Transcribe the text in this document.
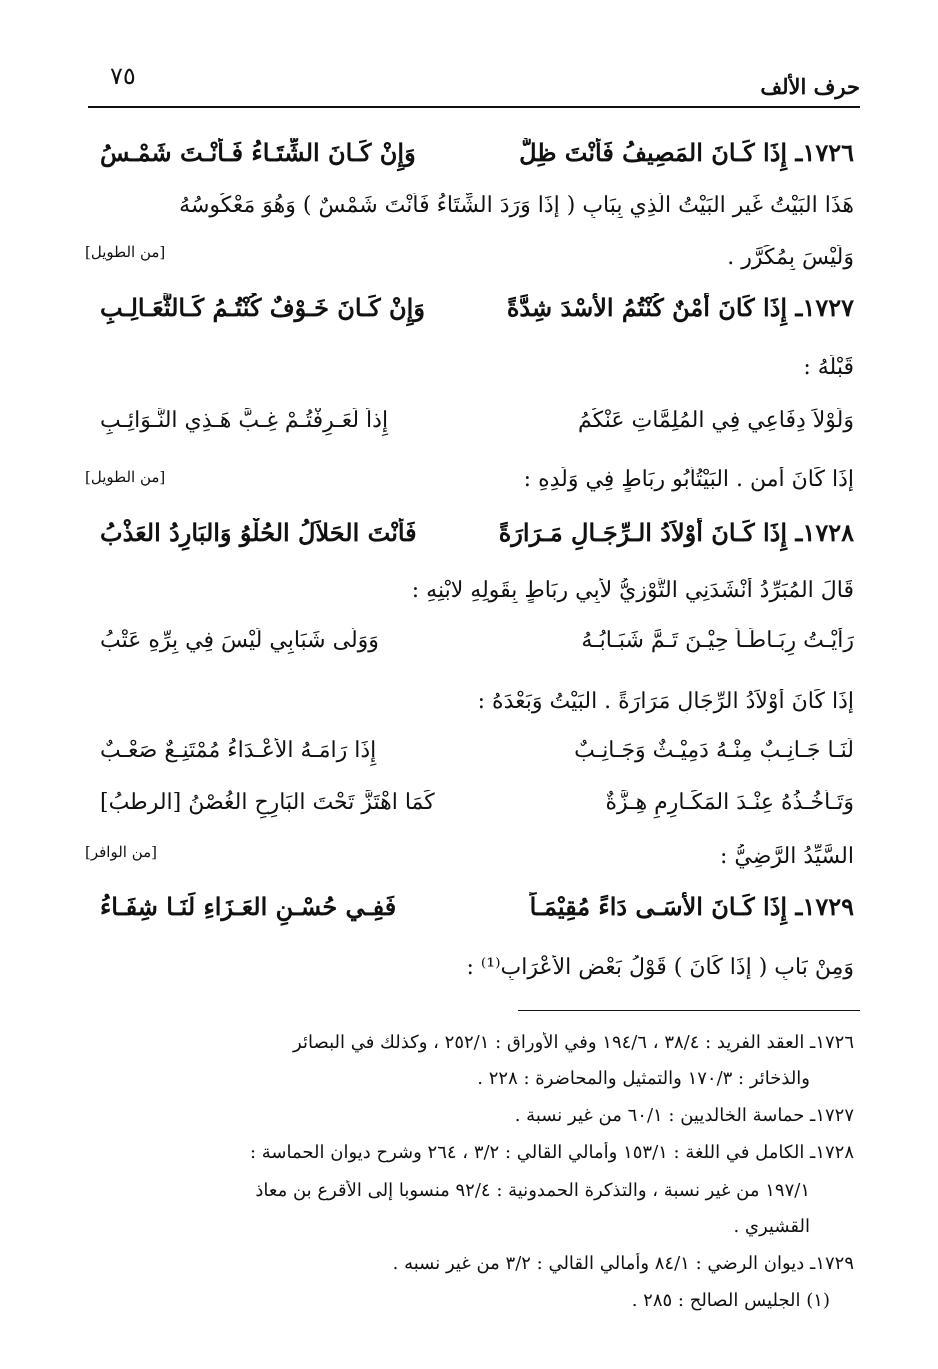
حرف الألف
٧٥
١٧٢٦ـ إِذَا كَـانَ المَصِيفُ فَأَنْتَ ظِلٌّ
وَإِنْ كَـانَ الشِّتَـاءُ فَـأَنْـتَ شَمْـسُ
هَذَا البَيْتُ غَيرِ البَيْتُ الَّذِي بِبَابِ ( إِذَا وَرَدَ الشِّتَاءُ فَأَنْتَ شَمْسٌ ) وَهُوَ مَعْكُوسُهُ
وَلَيْسَ بِمُكَرَّرٍ .
[من الطويل]
١٧٢٧ـ إِذَا كَانَ أَمْنٌ كُنْتُمُ الأُسْدَ شِدَّةً
وَإِنْ كَـانَ خَـوْفٌ كُنْتُـمُ كَـالثَّعَـالِـبِ
قَبْلَهُ :
وَلَوْلاَ دِفَاعِي فِي المُلِمَّاتِ عَنْكُمُ
إِذاً لَعَـرِفْتُـمْ غِـبَّ هَـذِي النَّـوَائِـبِ
إِذَا كَانَ أمن . البَيْتُأَبُو رِبَاطٍ فِي وَلَدِهِ :
[من الطويل]
١٧٢٨ـ إِذَا كَـانَ أَوْلاَدُ الـرِّجَـالِ مَـرَارَةً
فَأَنْتَ الحَلاَلُ الحُلْوُ وَالبَارِدُ العَذْبُ
قَالَ المُبَرِّدُ أَنْشَدَنِي التَّوْزِيُّ لأَبِي رِبَاطٍ بِقَولِهِ لابْنِهِ :
رَأَيْـتُ رِبَـاطَـاً حِيْـنَ تَـمَّ شَبَـابُـهُ
وَوَلَّى شَبَابِي لَيْسَ فِي بِرِّهِ عَتْبُ
إِذَا كَانَ أَوْلاَدُ الرِّجَالِ مَرَارَةً . البَيْتُ وَبَعْدَهُ :
لَنَـا جَـانِـبٌ مِنْـهُ دَمِيْـثٌ وَجَـانِـبٌ
إِذَا رَامَـهُ الأَعْـدَاءُ مُمْتَنِـعٌ صَعْـبٌ
وَتَـأْخُـذُهُ عِنْـدَ المَكَـارِمِ هِـزَّةٌ
كَمَا اهْتَزَّ تَحْتَ البَارِحِ الغُصْنُ [الرطبُ]
السَّيِّدُ الرَّضِيُّ :
[من الوافر]
١٧٢٩ـ إِذَا كَـانَ الأَسَـى دَاءً مُقِيْمَـاً
فَفِـي حُسْـنِ العَـزَاءِ لَنَـا شِفَـاءُ
وَمِنْ بَابِ ( إِذَا كَانَ ) قَوْلُ بَعْضِ الأَعْرَابِ⁽¹⁾ :
١٧٢٦ـ العقد الفريد : ٣٨/٤ ، ١٩٤/٦ وفي الأوراق : ٢٥٢/١ ، وكذلك في البصائر
والذخائر : ١٧٠/٣ والتمثيل والمحاضرة : ٢٢٨ .
١٧٢٧ـ حماسة الخالديين : ٦٠/١ من غير نسبة .
١٧٢٨ـ الكامل في اللغة : ١٥٣/١ وأمالي القالي : ٣/٢ ، ٢٦٤ وشرح ديوان الحماسة :
١٩٧/١ من غير نسبة ، والتذكرة الحمدونية : ٩٢/٤ منسوبا إلى الأقرع بن معاذ
القشيري .
١٧٢٩ـ ديوان الرضي : ٨٤/١ وأمالي القالي : ٣/٢ من غير نسبه .
(١) الجليس الصالح : ٢٨٥ .
